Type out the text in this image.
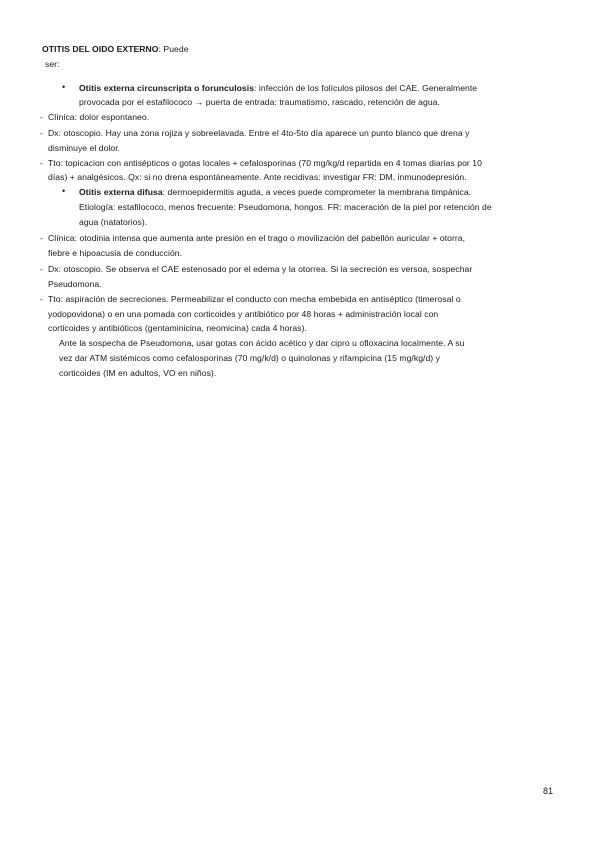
OTITIS DEL OIDO EXTERNO: Puede
ser:
• Otitis externa circunscripta o forunculosis: infección de los folículos pilosos del CAE. Generalmente
provocada por el estafilococo → puerta de entrada: traumatismo, rascado, retención de agua.
- Clínica: dolor espontaneo.
- Dx: otoscopio. Hay una zona rojiza y sobreelavada. Entre el 4to-5to día aparece un punto blanco que drena y
disminuye el dolor.
- Tto: topicacion con antisépticos o gotas locales + cefalosporinas (70 mg/kg/d repartida en 4 tomas diarias por 10
días) + analgésicos. Qx: si no drena espontáneamente. Ante recidivas: investigar FR: DM, inmunodepresión.
• Otitis externa difusa: dermoepidermitis aguda, a veces puede comprometer la membrana timpánica.
Etiología: estafilococo, menos frecuente: Pseudomona, hongos. FR: maceración de la piel por retención de
agua (natatorios).
- Clínica: otodinia intensa que aumenta ante presión en el trago o movilización del pabellón auricular + otorra,
fiebre e hipoacusia de conducción.
- Dx: otoscopio. Se observa el CAE estenosado por el edema y la otorrea. Si la secreción es versoa, sospechar
Pseudomona.
- Tto: aspiración de secreciones. Permeabilizar el conducto con mecha embebida en antiséptico (timerosal o
yodopovidona) o en una pomada con corticoides y antibiótico por 48 horas + administración local con
corticoides y antibióticos (gentaminicina, neomicina) cada 4 horas).
Ante la sospecha de Pseudomona, usar gotas con ácido acético y dar cipro u ofloxacina localmente. A su
vez dar ATM sistémicos como cefalosporinas (70 mg/k/d) o quinolonas y rifampicina (15 mg/kg/d) y
corticoides (IM en adultos, VO en niños).
81
